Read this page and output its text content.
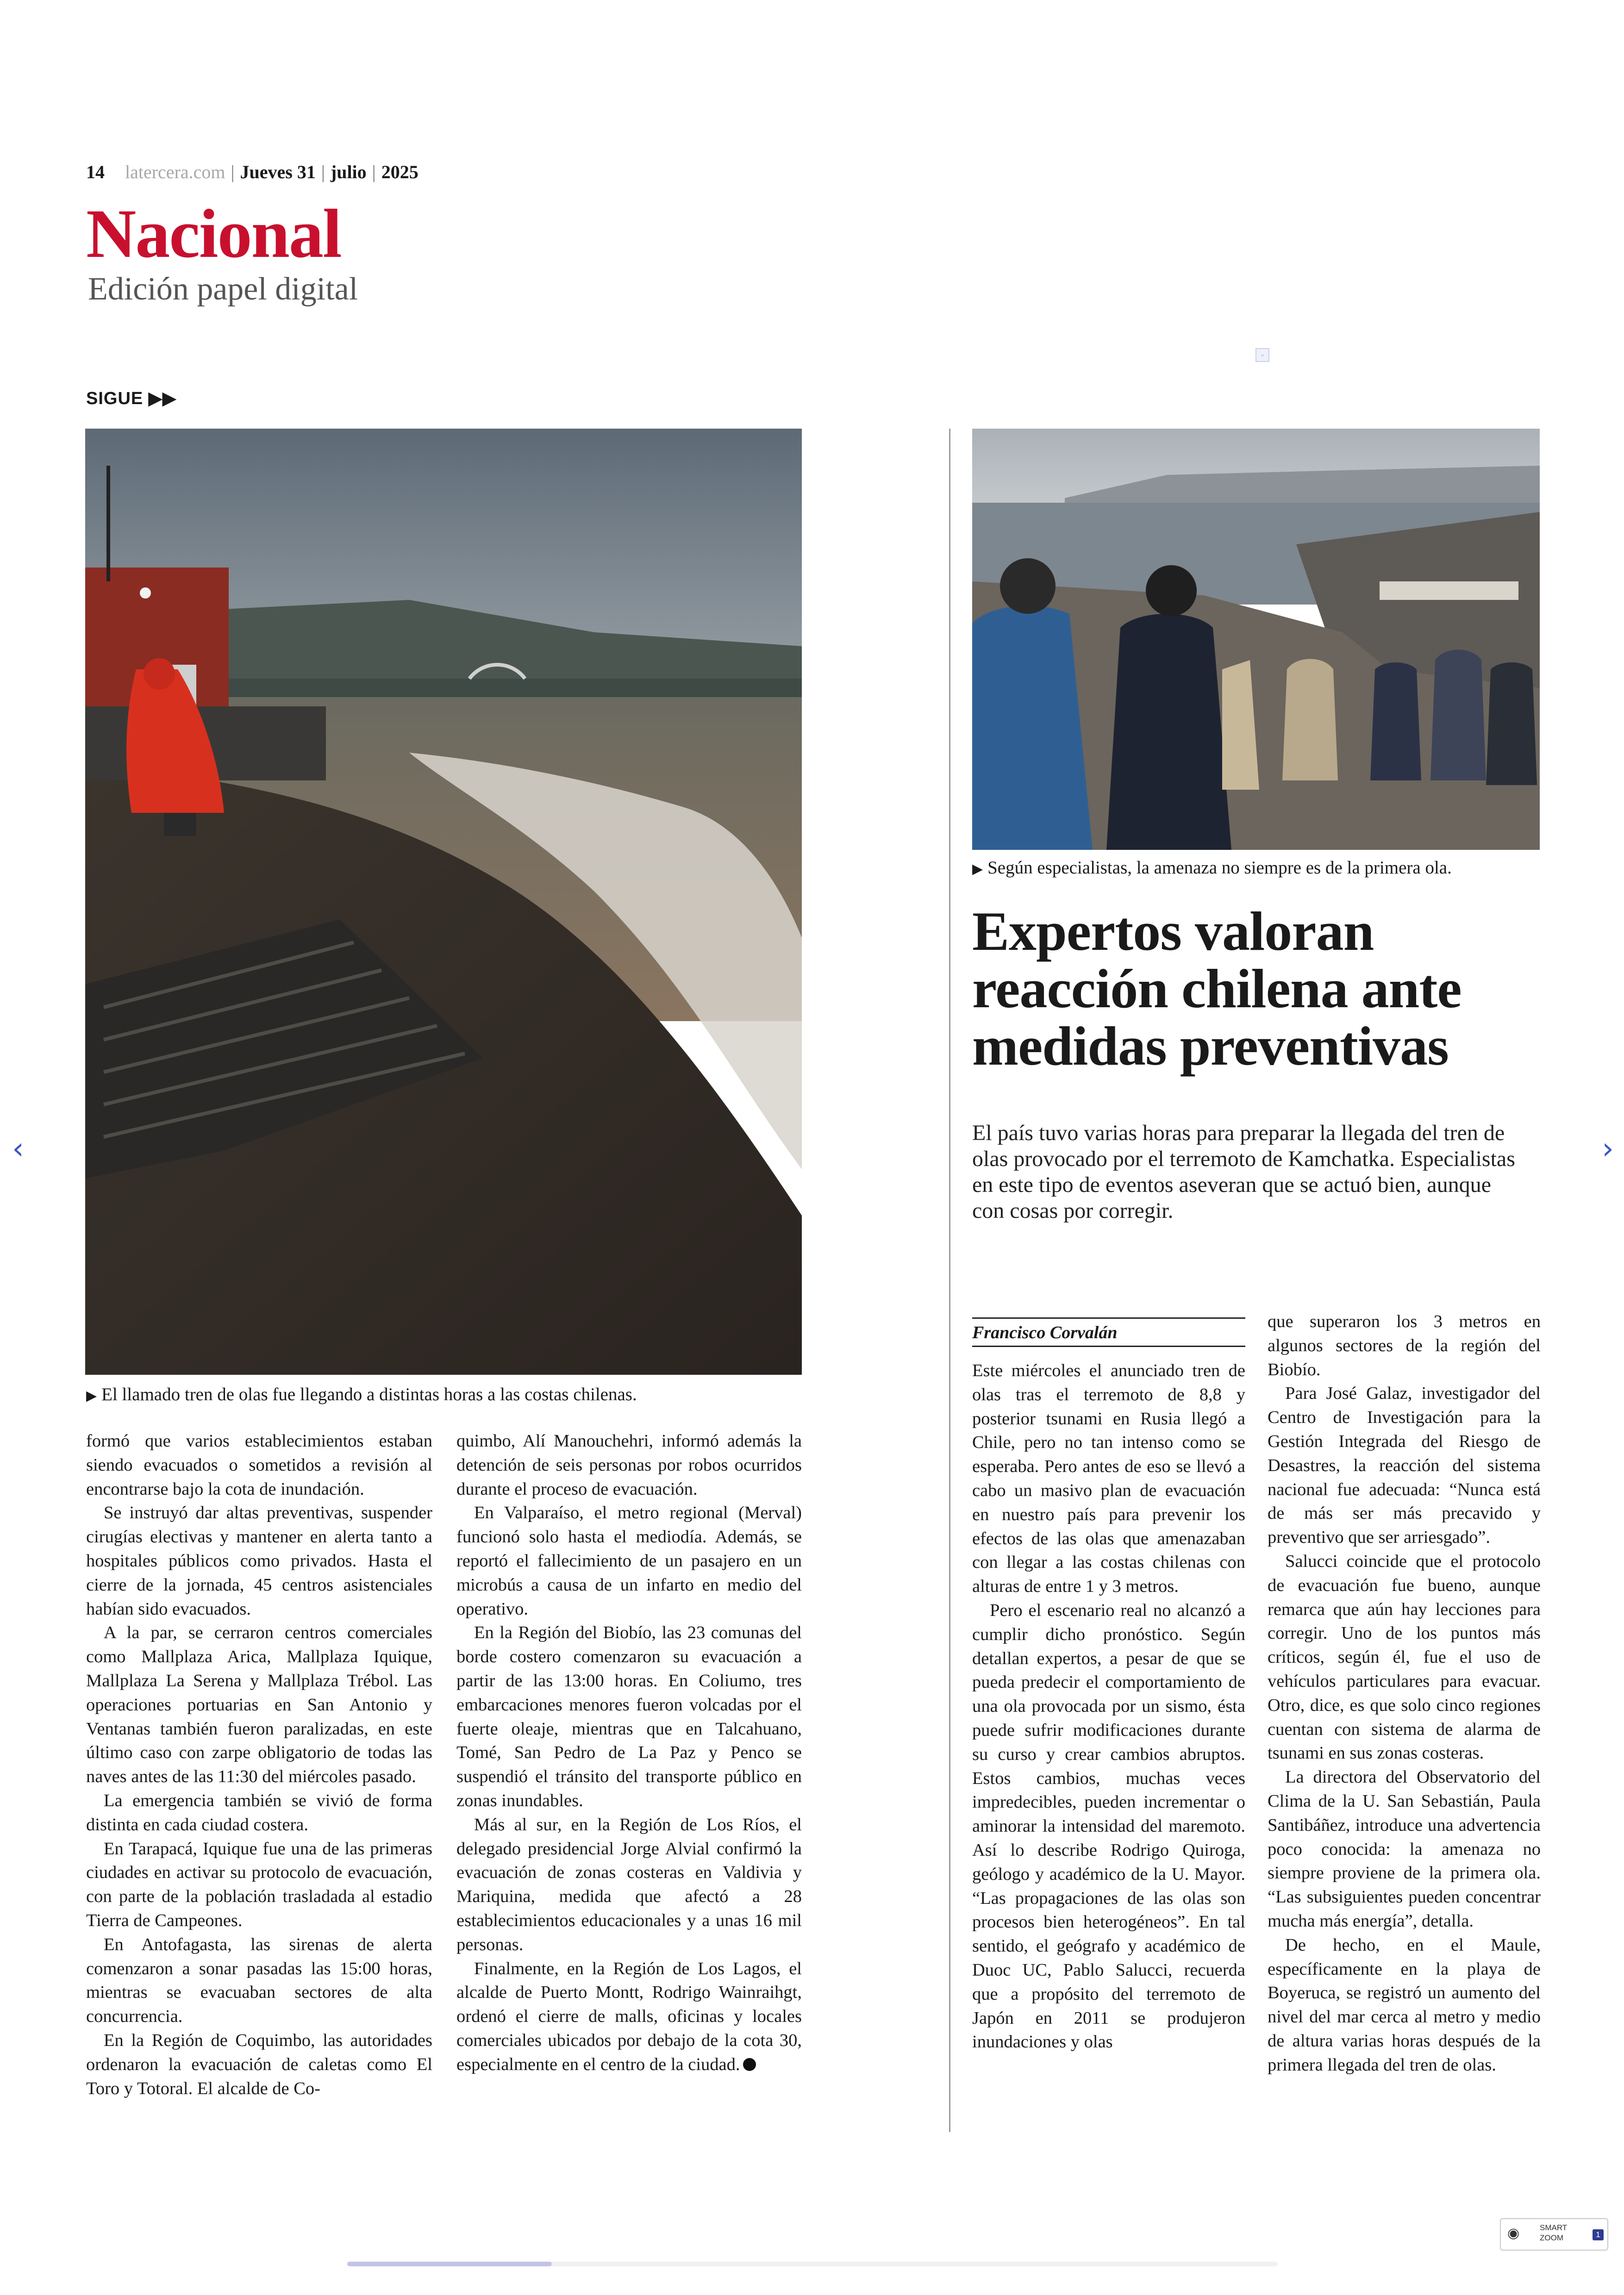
14 latercera.com | Jueves 31 | julio | 2025
Nacional
Edición papel digital
SIGUE ▶▶
▫
▶ El llamado tren de olas fue llegando a distintas horas a las costas chilenas.
▶ Según especialistas, la amenaza no siempre es de la primera ola.
Expertos valoran
reacción chilena ante
medidas preventivas
El país tuvo varias horas para preparar la llegada del tren de olas provocado por el terremoto de Kamchatka. Especialistas en este tipo de eventos aseveran que se actuó bien, aunque con cosas por corregir.
Francisco Corvalán

formó que varios establecimientos estaban siendo evacuados o sometidos a revisión al encontrarse bajo la cota de inundación.

Se instruyó dar altas preventivas, suspender cirugías electivas y mantener en alerta tanto a hospitales públicos como privados. Hasta el cierre de la jornada, 45 centros asistenciales habían sido evacuados.

A la par, se cerraron centros comerciales como Mallplaza Arica, Mallplaza Iquique, Mallplaza La Serena y Mallplaza Trébol. Las operaciones portuarias en San Antonio y Ventanas también fueron paralizadas, en este último caso con zarpe obligatorio de todas las naves antes de las 11:30 del miércoles pasado.

La emergencia también se vivió de forma distinta en cada ciudad costera.

En Tarapacá, Iquique fue una de las primeras ciudades en activar su protocolo de evacuación, con parte de la población trasladada al estadio Tierra de Campeones.

En Antofagasta, las sirenas de alerta comenzaron a sonar pasadas las 15:00 horas, mientras se evacuaban sectores de alta concurrencia.

En la Región de Coquimbo, las autoridades ordenaron la evacuación de caletas como El Toro y Totoral. El alcalde de Co-

quimbo, Alí Manouchehri, informó además la detención de seis personas por robos ocurridos durante el proceso de evacuación.

En Valparaíso, el metro regional (Merval) funcionó solo hasta el mediodía. Además, se reportó el fallecimiento de un pasajero en un microbús a causa de un infarto en medio del operativo.

En la Región del Biobío, las 23 comunas del borde costero comenzaron su evacuación a partir de las 13:00 horas. En Coliumo, tres embarcaciones menores fueron volcadas por el fuerte oleaje, mientras que en Talcahuano, Tomé, San Pedro de La Paz y Penco se suspendió el tránsito del transporte público en zonas inundables.

Más al sur, en la Región de Los Ríos, el delegado presidencial Jorge Alvial confirmó la evacuación de zonas costeras en Valdivia y Mariquina, medida que afectó a 28 establecimientos educacionales y a unas 16 mil personas.

Finalmente, en la Región de Los Lagos, el alcalde de Puerto Montt, Rodrigo Wainraihgt, ordenó el cierre de malls, oficinas y locales comerciales ubicados por debajo de la cota 30, especialmente en el centro de la ciudad.

Este miércoles el anunciado tren de olas tras el terremoto de 8,8 y posterior tsunami en Rusia llegó a Chile, pero no tan intenso como se esperaba. Pero antes de eso se llevó a cabo un masivo plan de evacuación en nuestro país para prevenir los efectos de las olas que amenazaban con llegar a las costas chilenas con alturas de entre 1 y 3 metros.

Pero el escenario real no alcanzó a cumplir dicho pronóstico. Según detallan expertos, a pesar de que se pueda predecir el comportamiento de una ola provocada por un sismo, ésta puede sufrir modificaciones durante su curso y crear cambios abruptos. Estos cambios, muchas veces impredecibles, pueden incrementar o aminorar la intensidad del maremoto. Así lo describe Rodrigo Quiroga, geólogo y académico de la U. Mayor. “Las propagaciones de las olas son procesos bien heterogéneos”. En tal sentido, el geógrafo y académico de Duoc UC, Pablo Salucci, recuerda que a propósito del terremoto de Japón en 2011 se produjeron inundaciones y olas

que superaron los 3 metros en algunos sectores de la región del Biobío.

Para José Galaz, investigador del Centro de Investigación para la Gestión Integrada del Riesgo de Desastres, la reacción del sistema nacional fue adecuada: “Nunca está de más ser más precavido y preventivo que ser arriesgado”.

Salucci coincide que el protocolo de evacuación fue bueno, aunque remarca que aún hay lecciones para corregir. Uno de los puntos más críticos, según él, fue el uso de vehículos particulares para evacuar. Otro, dice, es que solo cinco regiones cuentan con sistema de alarma de tsunami en sus zonas costeras.

La directora del Observatorio del Clima de la U. San Sebastián, Paula Santibáñez, introduce una advertencia poco conocida: la amenaza no siempre proviene de la primera ola. “Las subsiguientes pueden concentrar mucha más energía”, detalla.

De hecho, en el Maule, específicamente en la playa de Boyeruca, se registró un aumento del nivel del mar cerca al metro y medio de altura varias horas después de la primera llegada del tren de olas.

‹	›
◉	SMART ZOOM	1
